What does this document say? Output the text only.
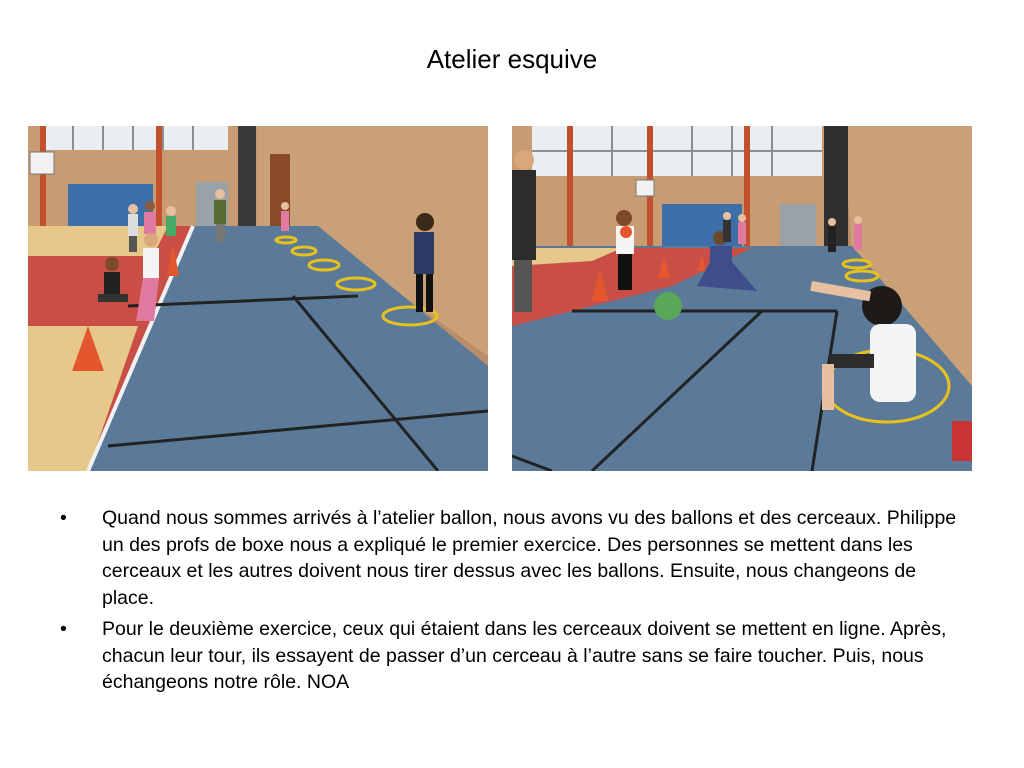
Atelier esquive
• Quand nous sommes arrivés à l’atelier ballon, nous avons vu des ballons et des cerceaux. Philippe un des profs de boxe nous a expliqué le premier exercice. Des personnes se mettent dans les cerceaux et les autres doivent nous tirer dessus avec les ballons. Ensuite, nous changeons de place.
• Pour le deuxième exercice, ceux qui étaient dans les cerceaux doivent se mettent en ligne. Après, chacun leur tour, ils essayent de passer d’un cerceau à l’autre sans se faire toucher. Puis, nous échangeons notre rôle. NOA
